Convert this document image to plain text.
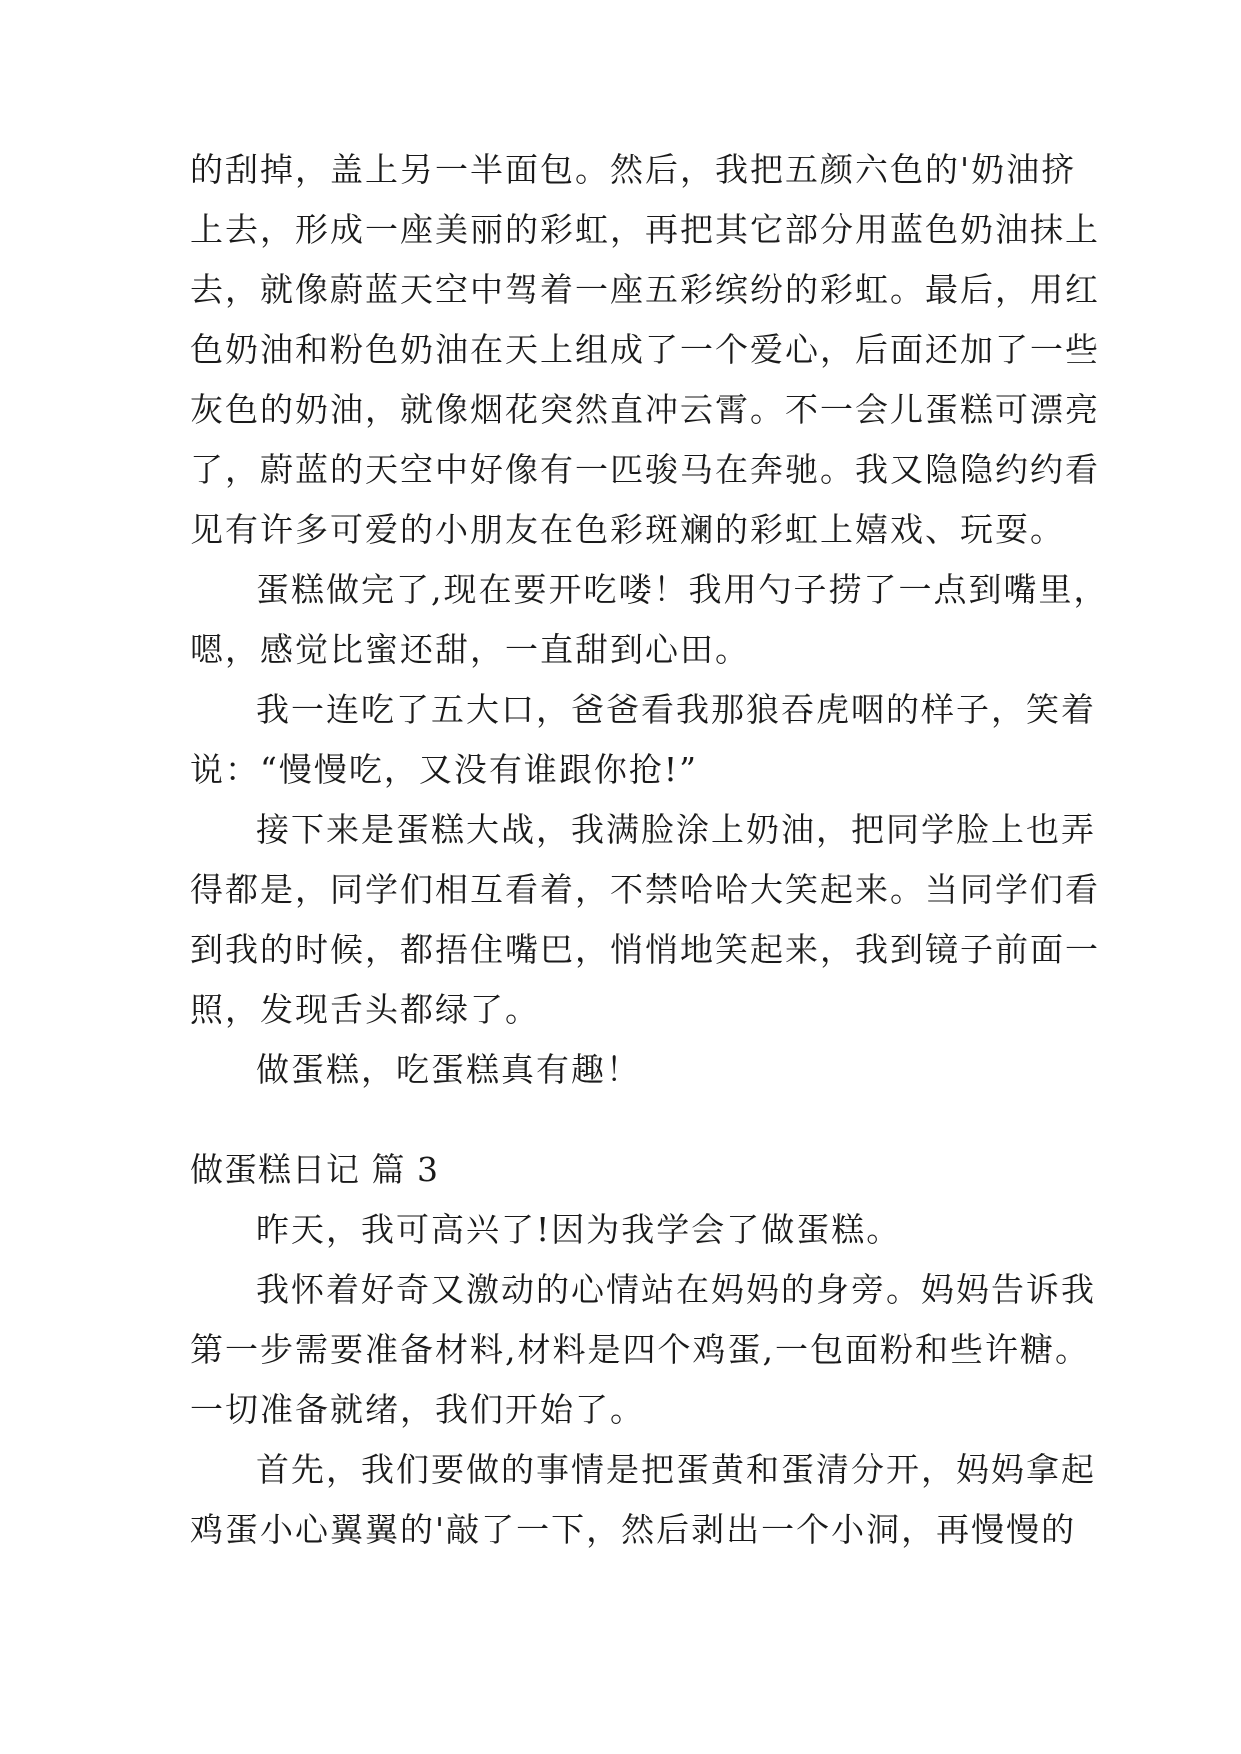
的刮掉，盖上另一半面包。然后，我把五颜六色的'奶油挤
上去，形成一座美丽的彩虹，再把其它部分用蓝色奶油抹上
去，就像蔚蓝天空中驾着一座五彩缤纷的彩虹。最后，用红
色奶油和粉色奶油在天上组成了一个爱心，后面还加了一些
灰色的奶油，就像烟花突然直冲云霄。不一会儿蛋糕可漂亮
了，蔚蓝的天空中好像有一匹骏马在奔驰。我又隐隐约约看
见有许多可爱的小朋友在色彩斑斓的彩虹上嬉戏、玩耍。
蛋糕做完了,现在要开吃喽！我用勺子捞了一点到嘴里，
嗯，感觉比蜜还甜，一直甜到心田。
我一连吃了五大口，爸爸看我那狼吞虎咽的样子，笑着
说：“慢慢吃，又没有谁跟你抢!”
接下来是蛋糕大战，我满脸涂上奶油，把同学脸上也弄
得都是，同学们相互看着，不禁哈哈大笑起来。当同学们看
到我的时候，都捂住嘴巴，悄悄地笑起来，我到镜子前面一
照，发现舌头都绿了。
做蛋糕，吃蛋糕真有趣！
做蛋糕日记 篇 3
昨天，我可高兴了!因为我学会了做蛋糕。
我怀着好奇又激动的心情站在妈妈的身旁。妈妈告诉我
第一步需要准备材料,材料是四个鸡蛋,一包面粉和些许糖。
一切准备就绪，我们开始了。
首先，我们要做的事情是把蛋黄和蛋清分开，妈妈拿起
鸡蛋小心翼翼的'敲了一下，然后剥出一个小洞，再慢慢的
